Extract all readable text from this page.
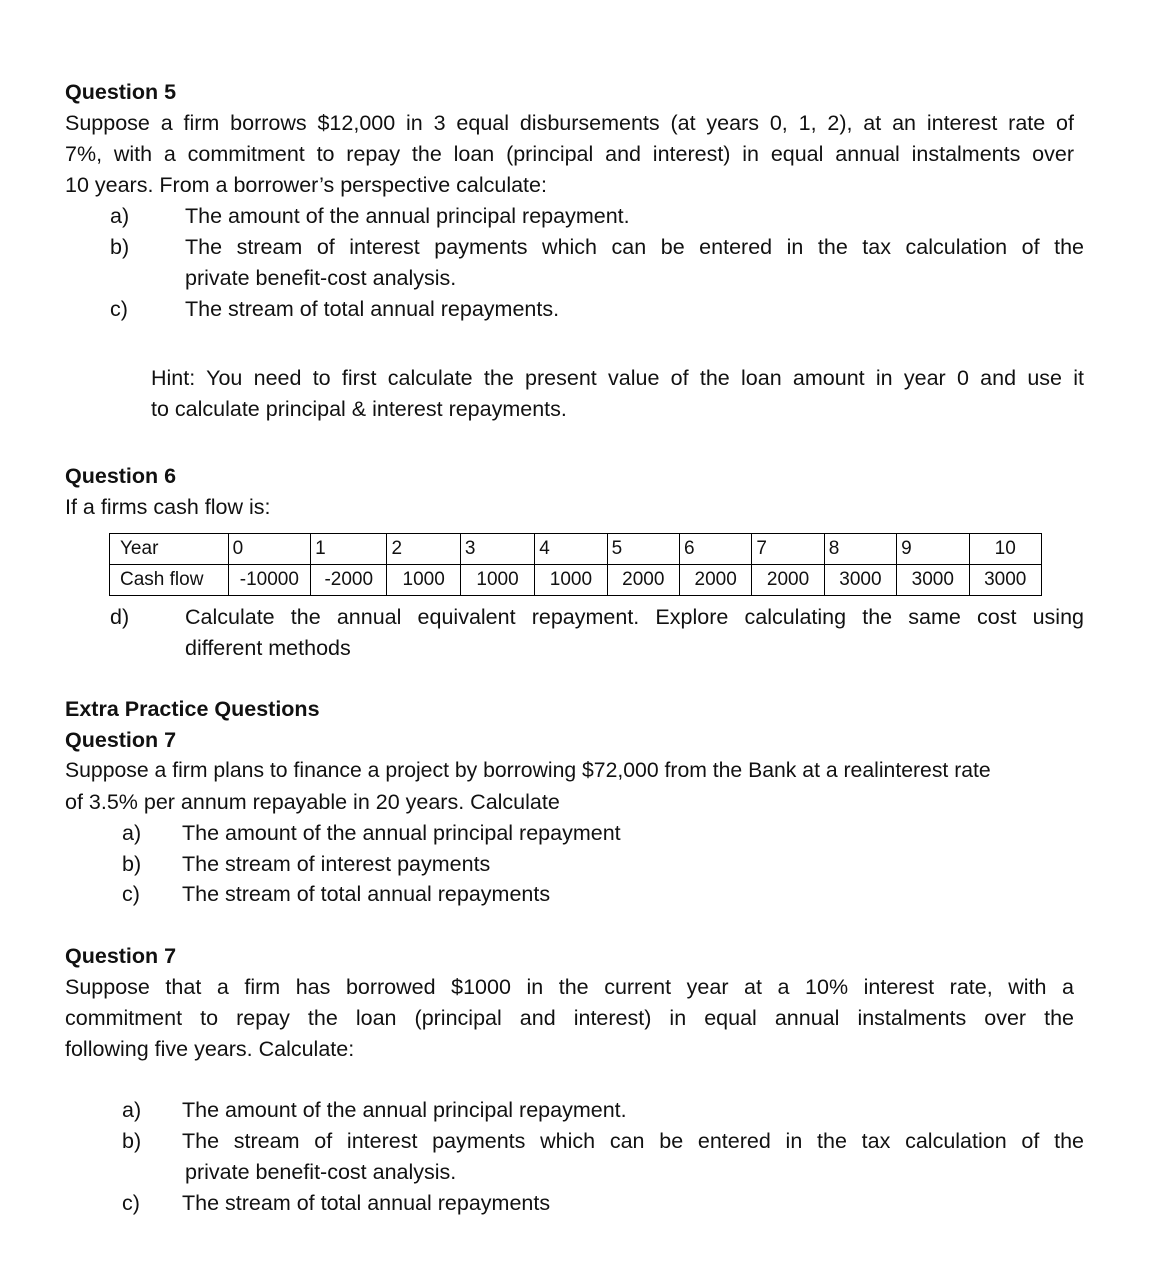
Question 5
Suppose a firm borrows $12,000 in 3 equal disbursements (at years 0, 1, 2), at an interest rate of
7%, with a commitment to repay the loan (principal and interest) in equal annual instalments over
10 years. From a borrower’s perspective calculate:
a)	The amount of the annual principal repayment.
b)	The stream of interest payments which can be entered in the tax calculation of the
private benefit-cost analysis.
c)	The stream of total annual repayments.
Hint: You need to first calculate the present value of the loan amount in year 0 and use it
to calculate principal & interest repayments.
Question 6
If a firms cash flow is:
Year	0	1	2	3	4	5	6	7	8	9	10
Cash flow	-10000	-2000	1000	1000	1000	2000	2000	2000	3000	3000	3000
d)	Calculate the annual equivalent repayment. Explore calculating the same cost using
different methods
Extra Practice Questions
Question 7
Suppose a firm plans to finance a project by borrowing $72,000 from the Bank at a realinterest rate
of 3.5% per annum repayable in 20 years. Calculate
a) The amount of the annual principal repayment
b) The stream of interest payments
c) The stream of total annual repayments
Question 7
Suppose that a firm has borrowed $1000 in the current year at a 10% interest rate, with a
commitment to repay the loan (principal and interest) in equal annual instalments over the
following five years. Calculate:
a) The amount of the annual principal repayment.
b) The stream of interest payments which can be entered in the tax calculation of the
private benefit-cost analysis.
c) The stream of total annual repayments
